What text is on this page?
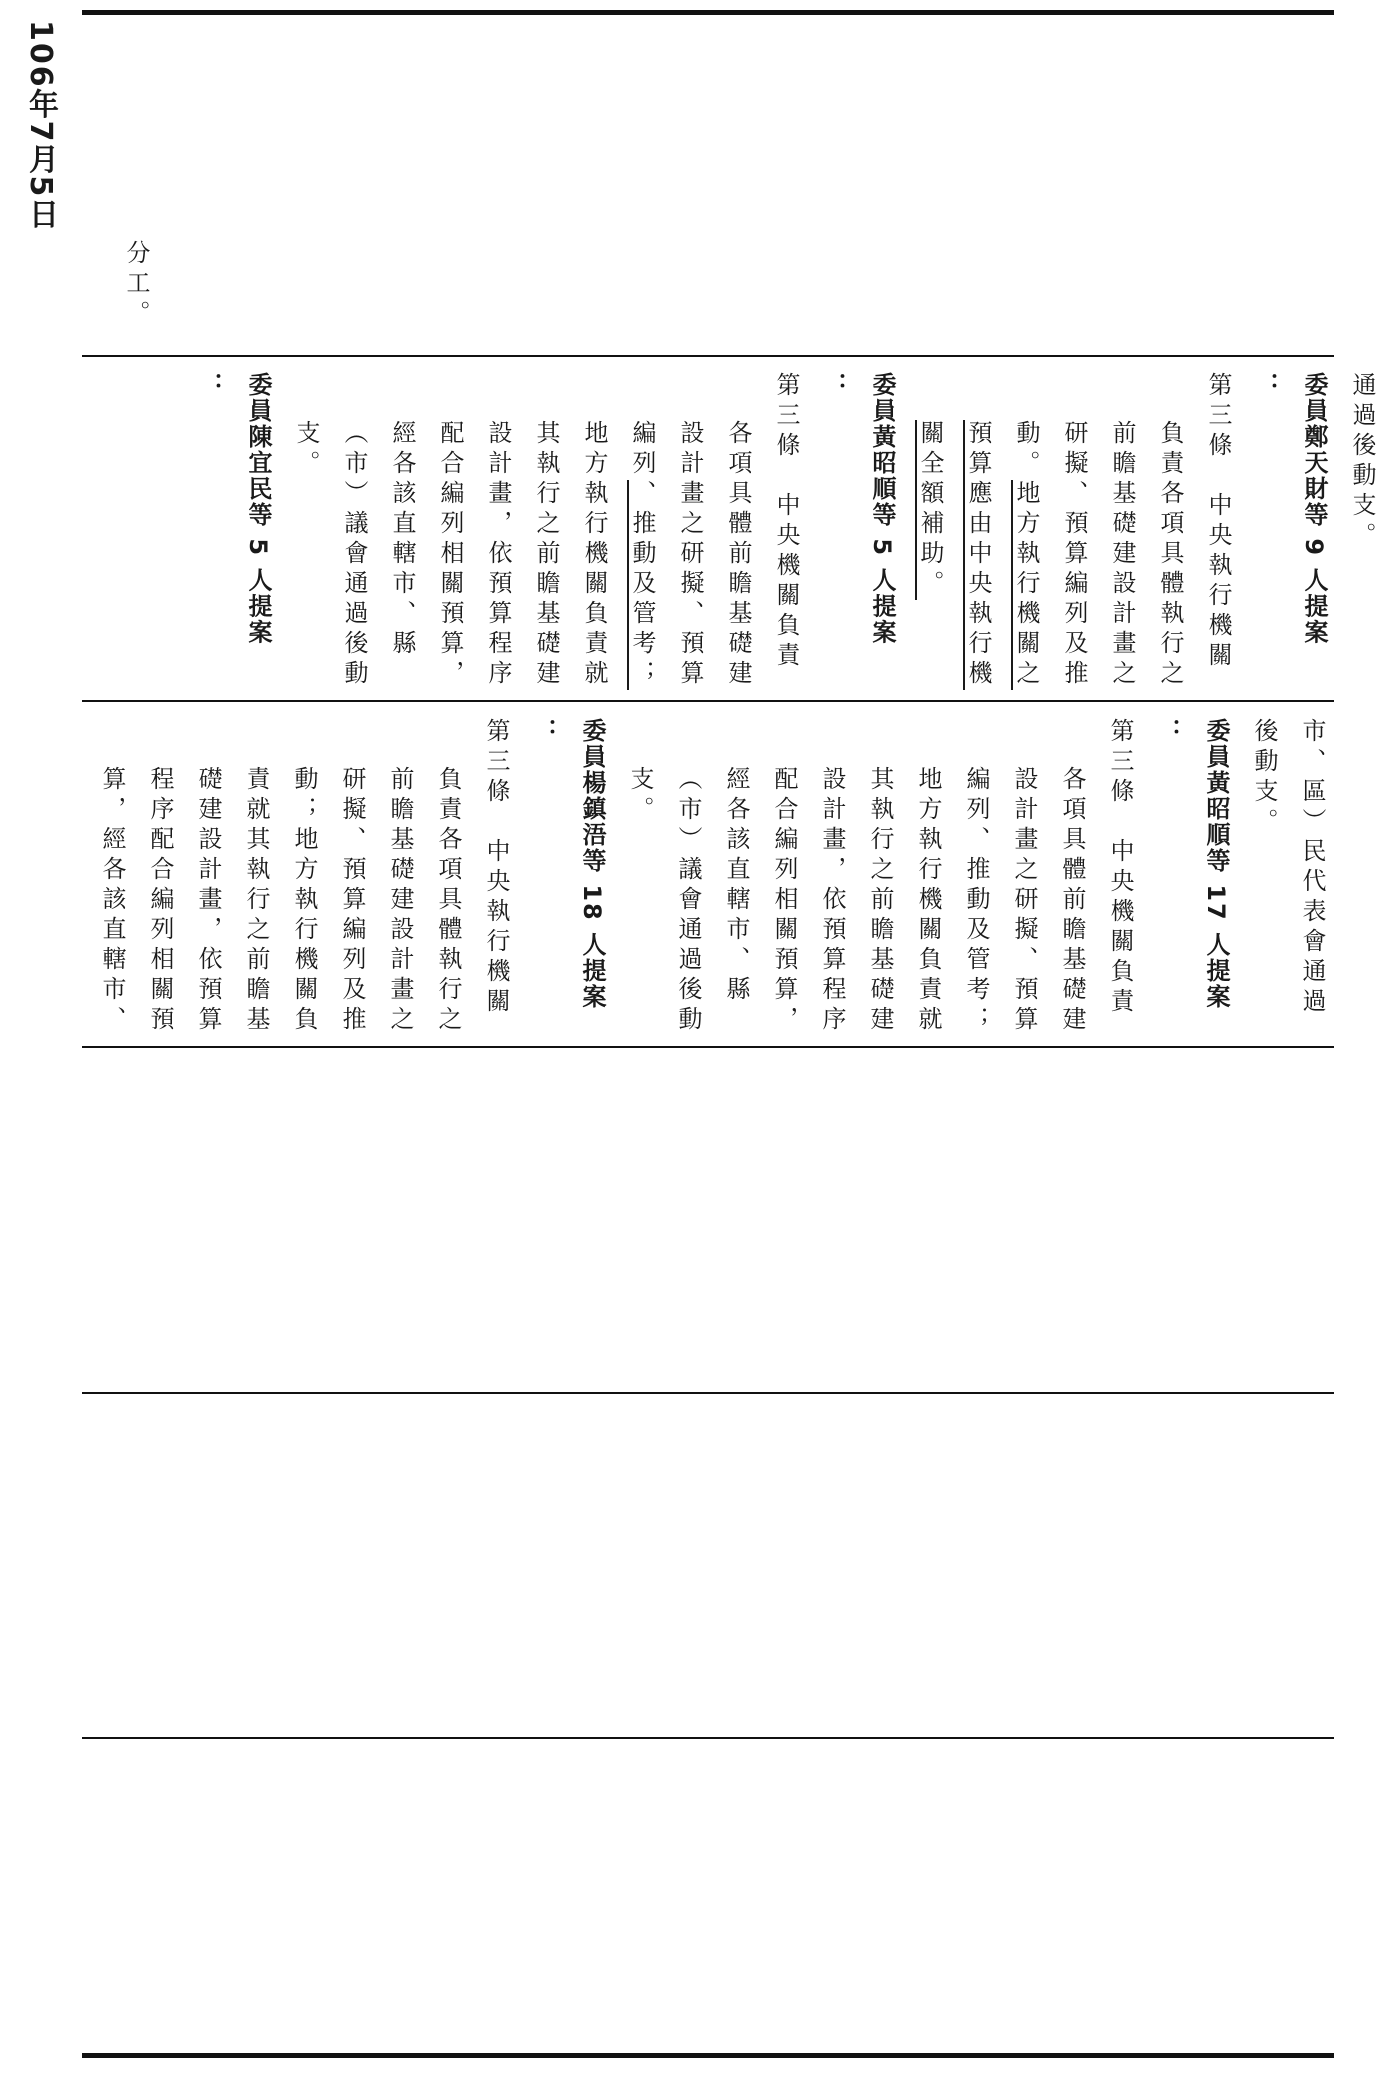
106年7月5日
分工。
通過後動支。
委員鄭天財等 9 人提案
：
第三條　中央執行機關負責各項具體執行之前瞻基礎建設計畫之研擬、預算編列及推動。地方執行機關之預算應由中央執行機關全額補助。
委員黃昭順等 5 人提案
：
第三條　中央機關負責各項具體前瞻基礎建設計畫之研擬、預算編列、推動及管考；地方執行機關負責就其執行之前瞻基礎建設計畫，依預算程序配合編列相關預算，經各該直轄市、縣（市）議會通過後動支。
委員陳宜民等 5 人提案
：
市、區）民代表會通過後動支。
委員黃昭順等 17 人提案
：
第三條　中央機關負責各項具體前瞻基礎建設計畫之研擬、預算編列、推動及管考；地方執行機關負責就其執行之前瞻基礎建設計畫，依預算程序配合編列相關預算，經各該直轄市、縣（市）議會通過後動支。
委員楊鎮浯等 18 人提案
：
第三條　中央執行機關負責各項具體執行之前瞻基礎建設計畫之研擬、預算編列及推動；地方執行機關負責就其執行之前瞻基礎建設計畫，依預算程序配合編列相關預算，經各該直轄市、
